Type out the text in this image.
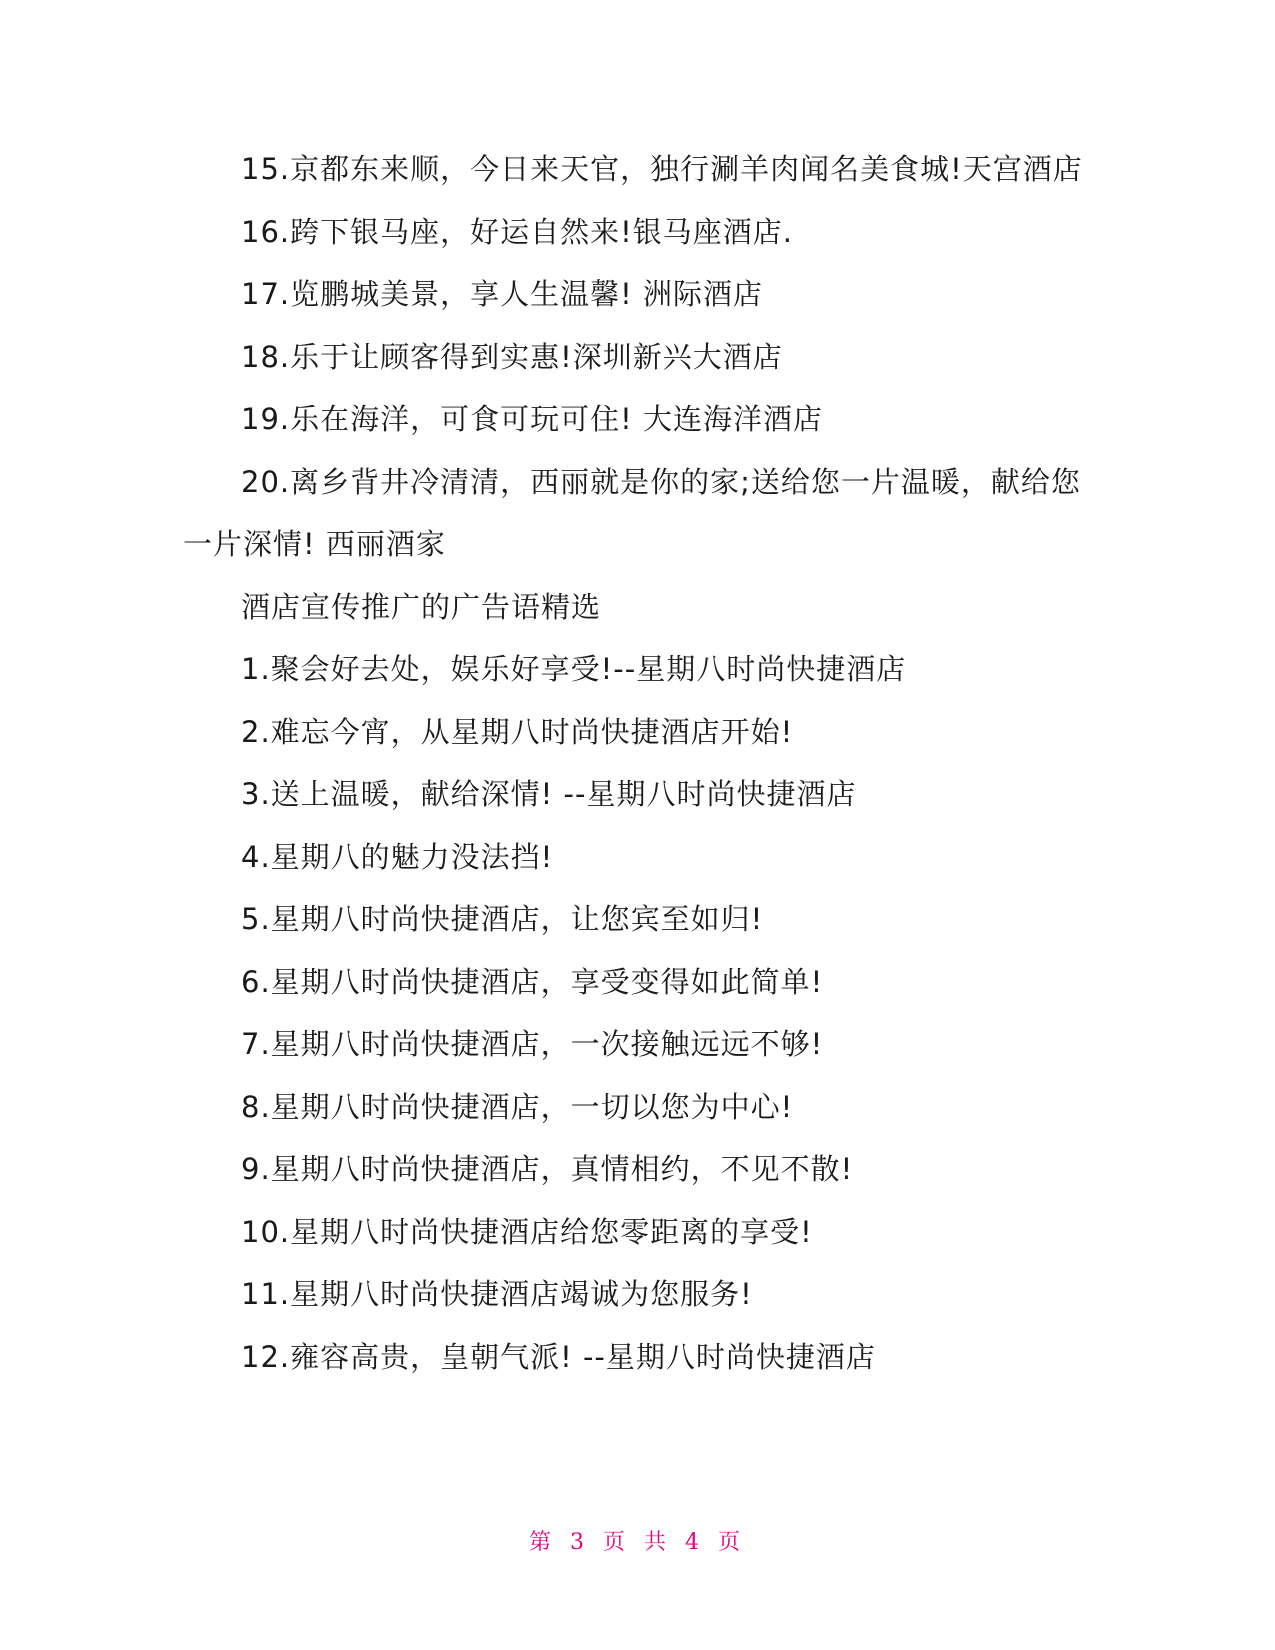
15.京都东来顺，今日来天官，独行涮羊肉闻名美食城!天宫酒店

16.跨下银马座，好运自然来!银马座酒店.

17.览鹏城美景，享人生温馨! 洲际酒店

18.乐于让顾客得到实惠!深圳新兴大酒店

19.乐在海洋，可食可玩可住! 大连海洋酒店

20.离乡背井冷清清，西丽就是你的家;送给您一片温暖，献给您一片深情! 西丽酒家

酒店宣传推广的广告语精选

1.聚会好去处，娱乐好享受!--星期八时尚快捷酒店

2.难忘今宵，从星期八时尚快捷酒店开始!

3.送上温暖，献给深情! --星期八时尚快捷酒店

4.星期八的魅力没法挡!

5.星期八时尚快捷酒店，让您宾至如归!

6.星期八时尚快捷酒店，享受变得如此简单!

7.星期八时尚快捷酒店，一次接触远远不够!

8.星期八时尚快捷酒店，一切以您为中心!

9.星期八时尚快捷酒店，真情相约，不见不散!

10.星期八时尚快捷酒店给您零距离的享受!

11.星期八时尚快捷酒店竭诚为您服务!

12.雍容高贵，皇朝气派! --星期八时尚快捷酒店

第 3 页 共 4 页
